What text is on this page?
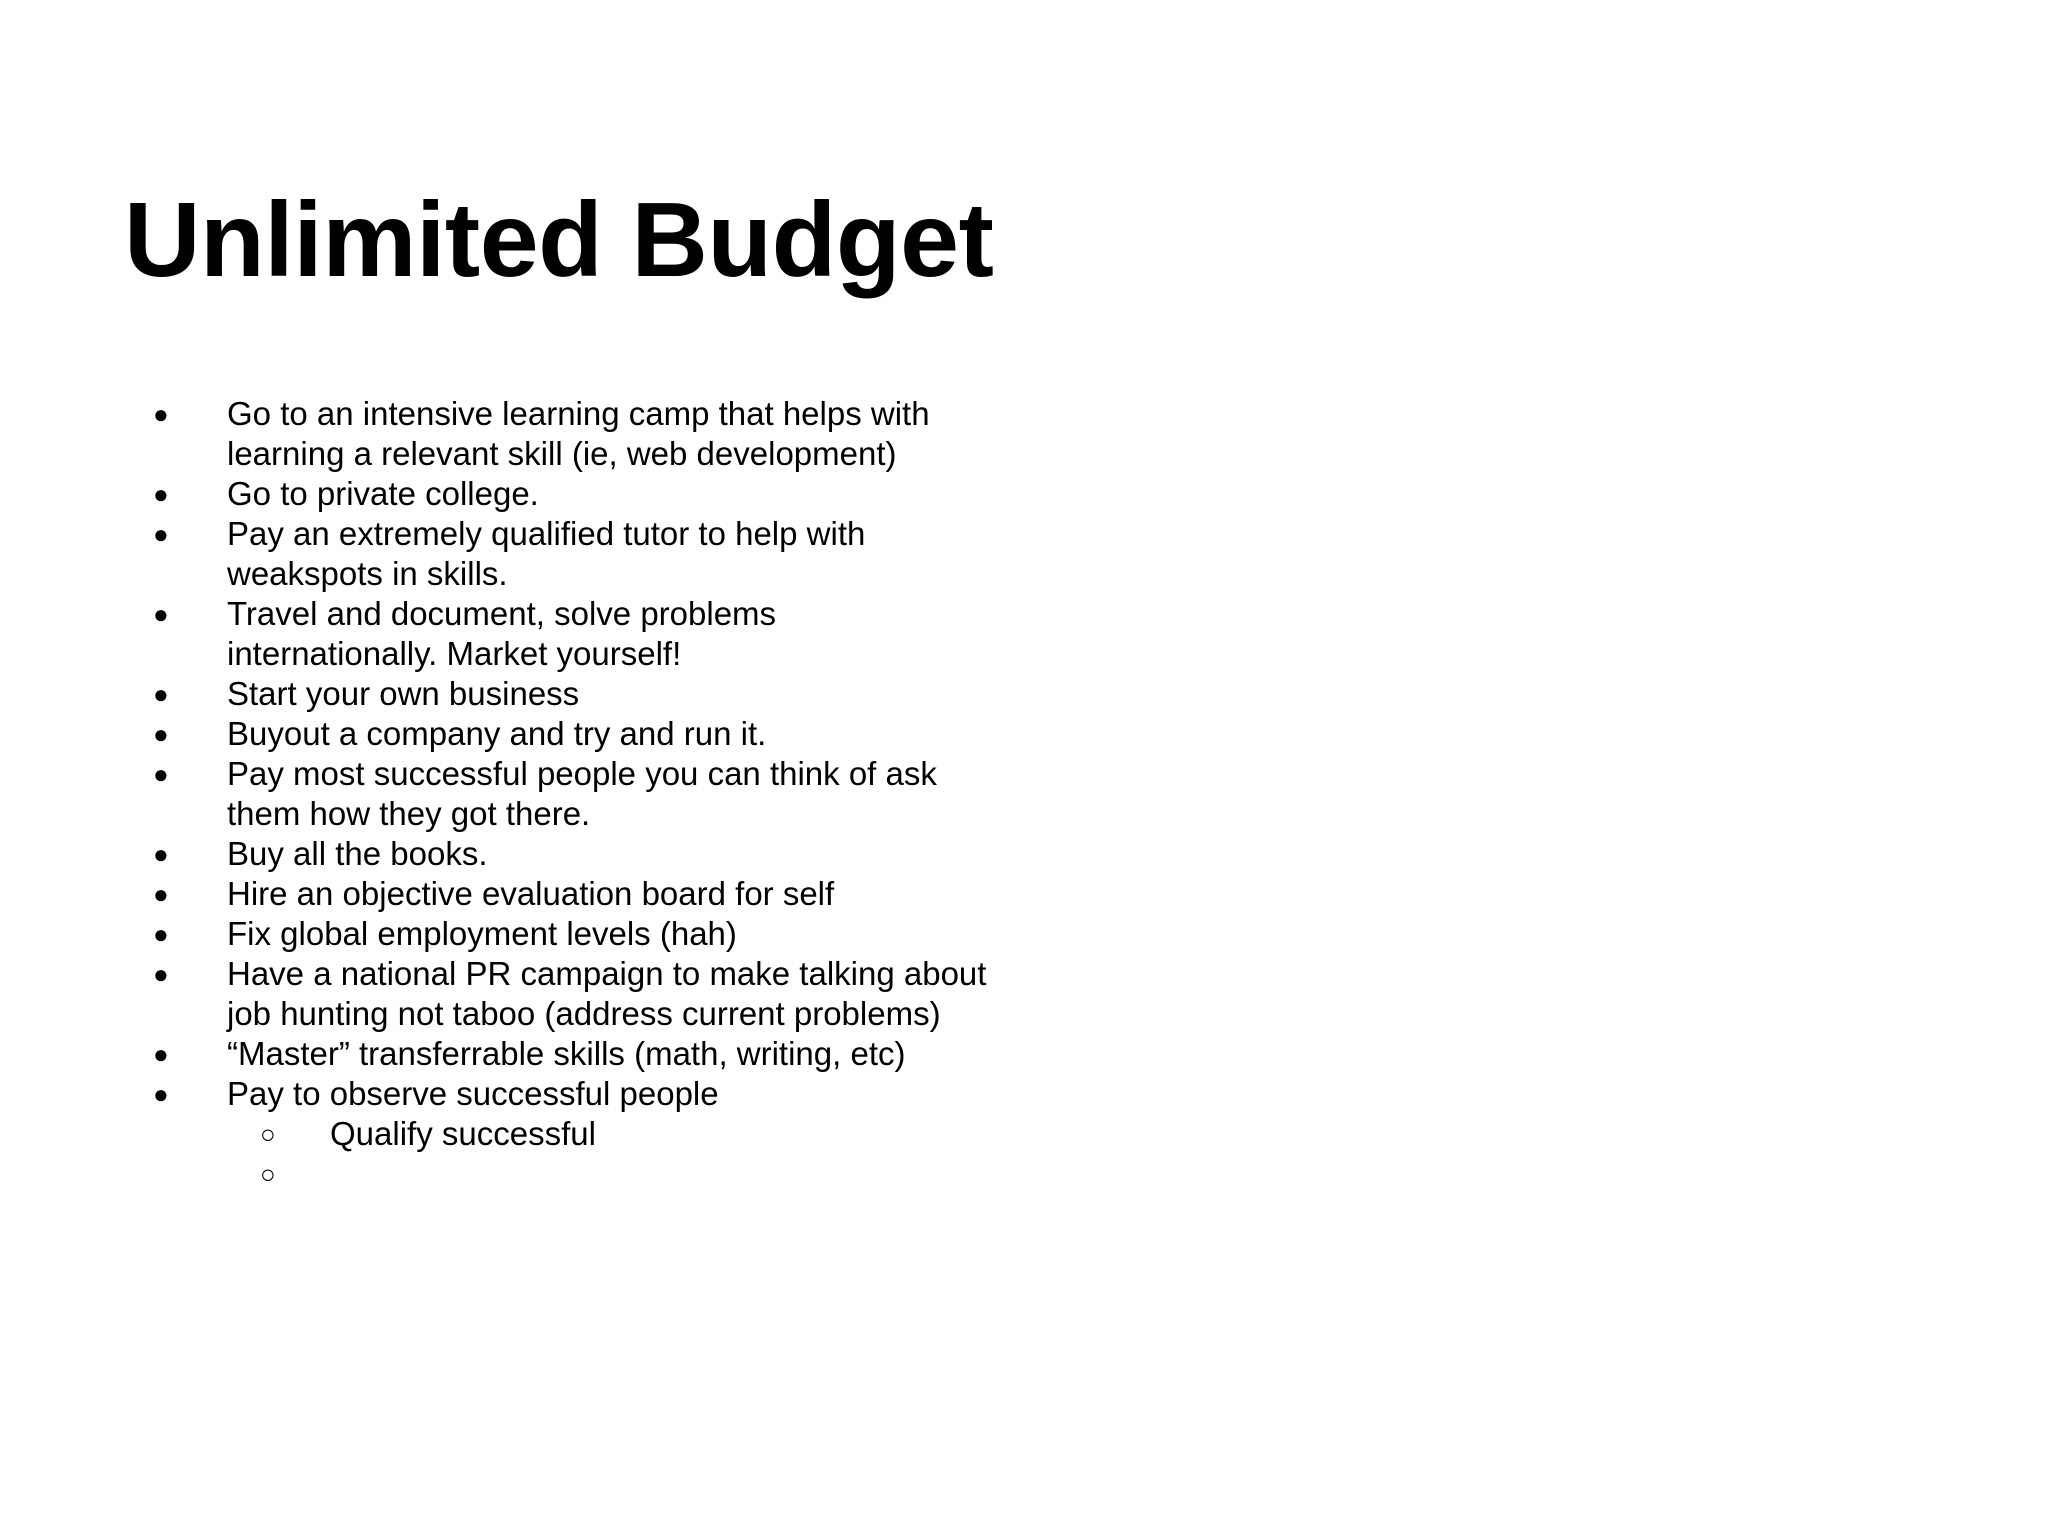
Unlimited Budget
●	Go to an intensive learning camp that helps with learning a relevant skill (ie, web development)
●	Go to private college.
●	Pay an extremely qualified tutor to help with weakspots in skills.
●	Travel and document, solve problems internationally. Market yourself!
●	Start your own business
●	Buyout a company and try and run it.
●	Pay most successful people you can think of ask them how they got there.
●	Buy all the books.
●	Hire an objective evaluation board for self
●	Fix global employment levels (hah)
●	Have a national PR campaign to make talking about job hunting not taboo (address current problems)
●	“Master” transferrable skills (math, writing, etc)
●	Pay to observe successful people
○	Qualify successful
○
